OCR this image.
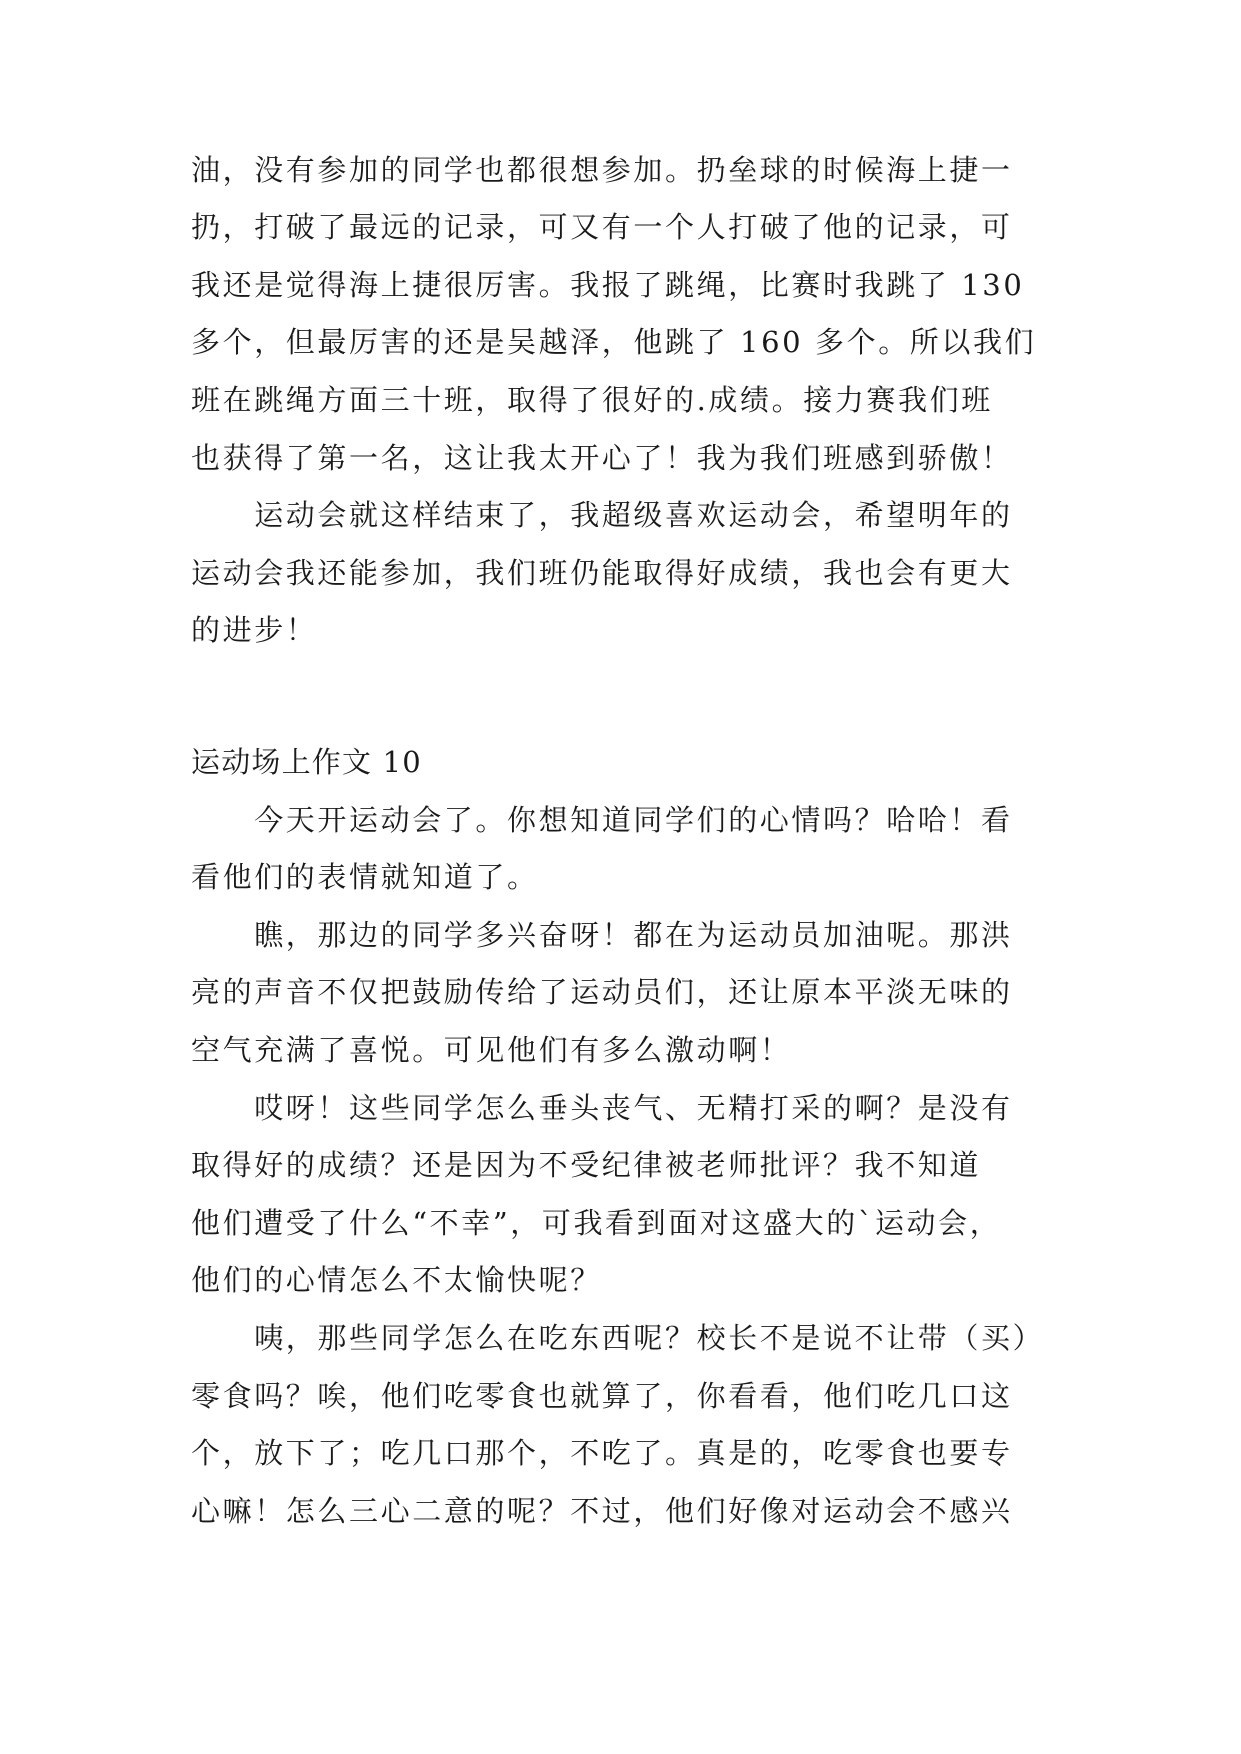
油，没有参加的同学也都很想参加。扔垒球的时候海上捷一
扔，打破了最远的记录，可又有一个人打破了他的记录，可
我还是觉得海上捷很厉害。我报了跳绳，比赛时我跳了 130
多个，但最厉害的还是吴越泽，他跳了 160 多个。所以我们
班在跳绳方面三十班，取得了很好的.成绩。接力赛我们班
也获得了第一名，这让我太开心了！我为我们班感到骄傲！
　　运动会就这样结束了，我超级喜欢运动会，希望明年的
运动会我还能参加，我们班仍能取得好成绩，我也会有更大
的进步！
运动场上作文 10
　　今天开运动会了。你想知道同学们的心情吗？哈哈！看
看他们的表情就知道了。
　　瞧，那边的同学多兴奋呀！都在为运动员加油呢。那洪
亮的声音不仅把鼓励传给了运动员们，还让原本平淡无味的
空气充满了喜悦。可见他们有多么激动啊！
　　哎呀！这些同学怎么垂头丧气、无精打采的啊？是没有
取得好的成绩？还是因为不受纪律被老师批评？我不知道
他们遭受了什么“不幸”，可我看到面对这盛大的`运动会，
他们的心情怎么不太愉快呢？
　　咦，那些同学怎么在吃东西呢？校长不是说不让带（买）
零食吗？唉，他们吃零食也就算了，你看看，他们吃几口这
个，放下了；吃几口那个，不吃了。真是的，吃零食也要专
心嘛！怎么三心二意的呢？不过，他们好像对运动会不感兴
